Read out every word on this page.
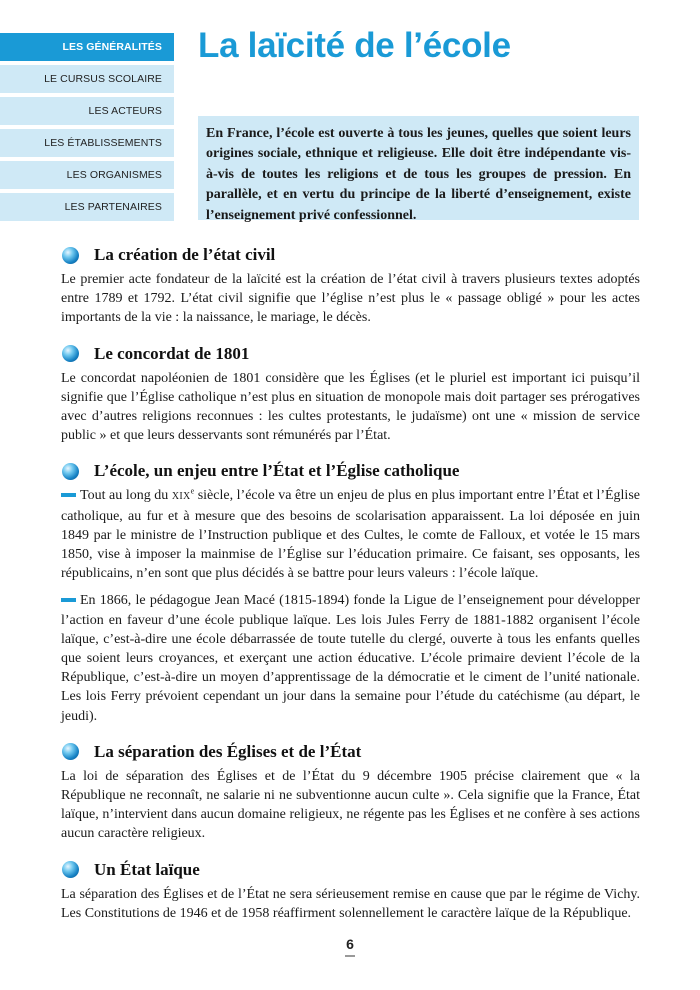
LES GÉNÉRALITÉS
LE CURSUS SCOLAIRE
LES ACTEURS
LES ÉTABLISSEMENTS
LES ORGANISMES
LES PARTENAIRES
La laïcité de l’école
En France, l’école est ouverte à tous les jeunes, quelles que soient leurs origines sociale, ethnique et religieuse. Elle doit être indépendante vis-à-vis de toutes les religions et de tous les groupes de pression. En parallèle, et en vertu du principe de la liberté d’enseignement, existe l’enseignement privé confessionnel.
La création de l’état civil

Le premier acte fondateur de la laïcité est la création de l’état civil à travers plusieurs textes adoptés entre 1789 et 1792. L’état civil signifie que l’église n’est plus le « passage obligé » pour les actes importants de la vie : la naissance, le mariage, le décès.

Le concordat de 1801

Le concordat napoléonien de 1801 considère que les Églises (et le pluriel est important ici puisqu’il signifie que l’Église catholique n’est plus en situation de monopole mais doit partager ses prérogatives avec d’autres religions reconnues : les cultes protestants, le judaïsme) ont une « mission de service public » et que leurs desservants sont rémunérés par l’État.

L’école, un enjeu entre l’État et l’Église catholique

Tout au long du XIXe siècle, l’école va être un enjeu de plus en plus important entre l’État et l’Église catholique, au fur et à mesure que des besoins de scolarisation apparaissent. La loi déposée en juin 1849 par le ministre de l’Instruction publique et des Cultes, le comte de Falloux, et votée le 15 mars 1850, vise à imposer la mainmise de l’Église sur l’éducation primaire. Ce faisant, ses opposants, les républicains, n’en sont que plus décidés à se battre pour leurs valeurs : l’école laïque.

En 1866, le pédagogue Jean Macé (1815-1894) fonde la Ligue de l’enseignement pour développer l’action en faveur d’une école publique laïque. Les lois Jules Ferry de 1881-1882 organisent l’école laïque, c’est-à-dire une école débarrassée de toute tutelle du clergé, ouverte à tous les enfants quelles que soient leurs croyances, et exerçant une action éducative. L’école primaire devient l’école de la République, c’est-à-dire un moyen d’apprentissage de la démocratie et le ciment de l’unité nationale. Les lois Ferry prévoient cependant un jour dans la semaine pour l’étude du catéchisme (au départ, le jeudi).

La séparation des Églises et de l’État

La loi de séparation des Églises et de l’État du 9 décembre 1905 précise clairement que « la République ne reconnaît, ne salarie ni ne subventionne aucun culte ». Cela signifie que la France, État laïque, n’intervient dans aucun domaine religieux, ne régente pas les Églises et ne confère à ses actions aucun caractère religieux.

Un État laïque

La séparation des Églises et de l’État ne sera sérieusement remise en cause que par le régime de Vichy. Les Constitutions de 1946 et de 1958 réaffirment solennellement le caractère laïque de la République.

6
